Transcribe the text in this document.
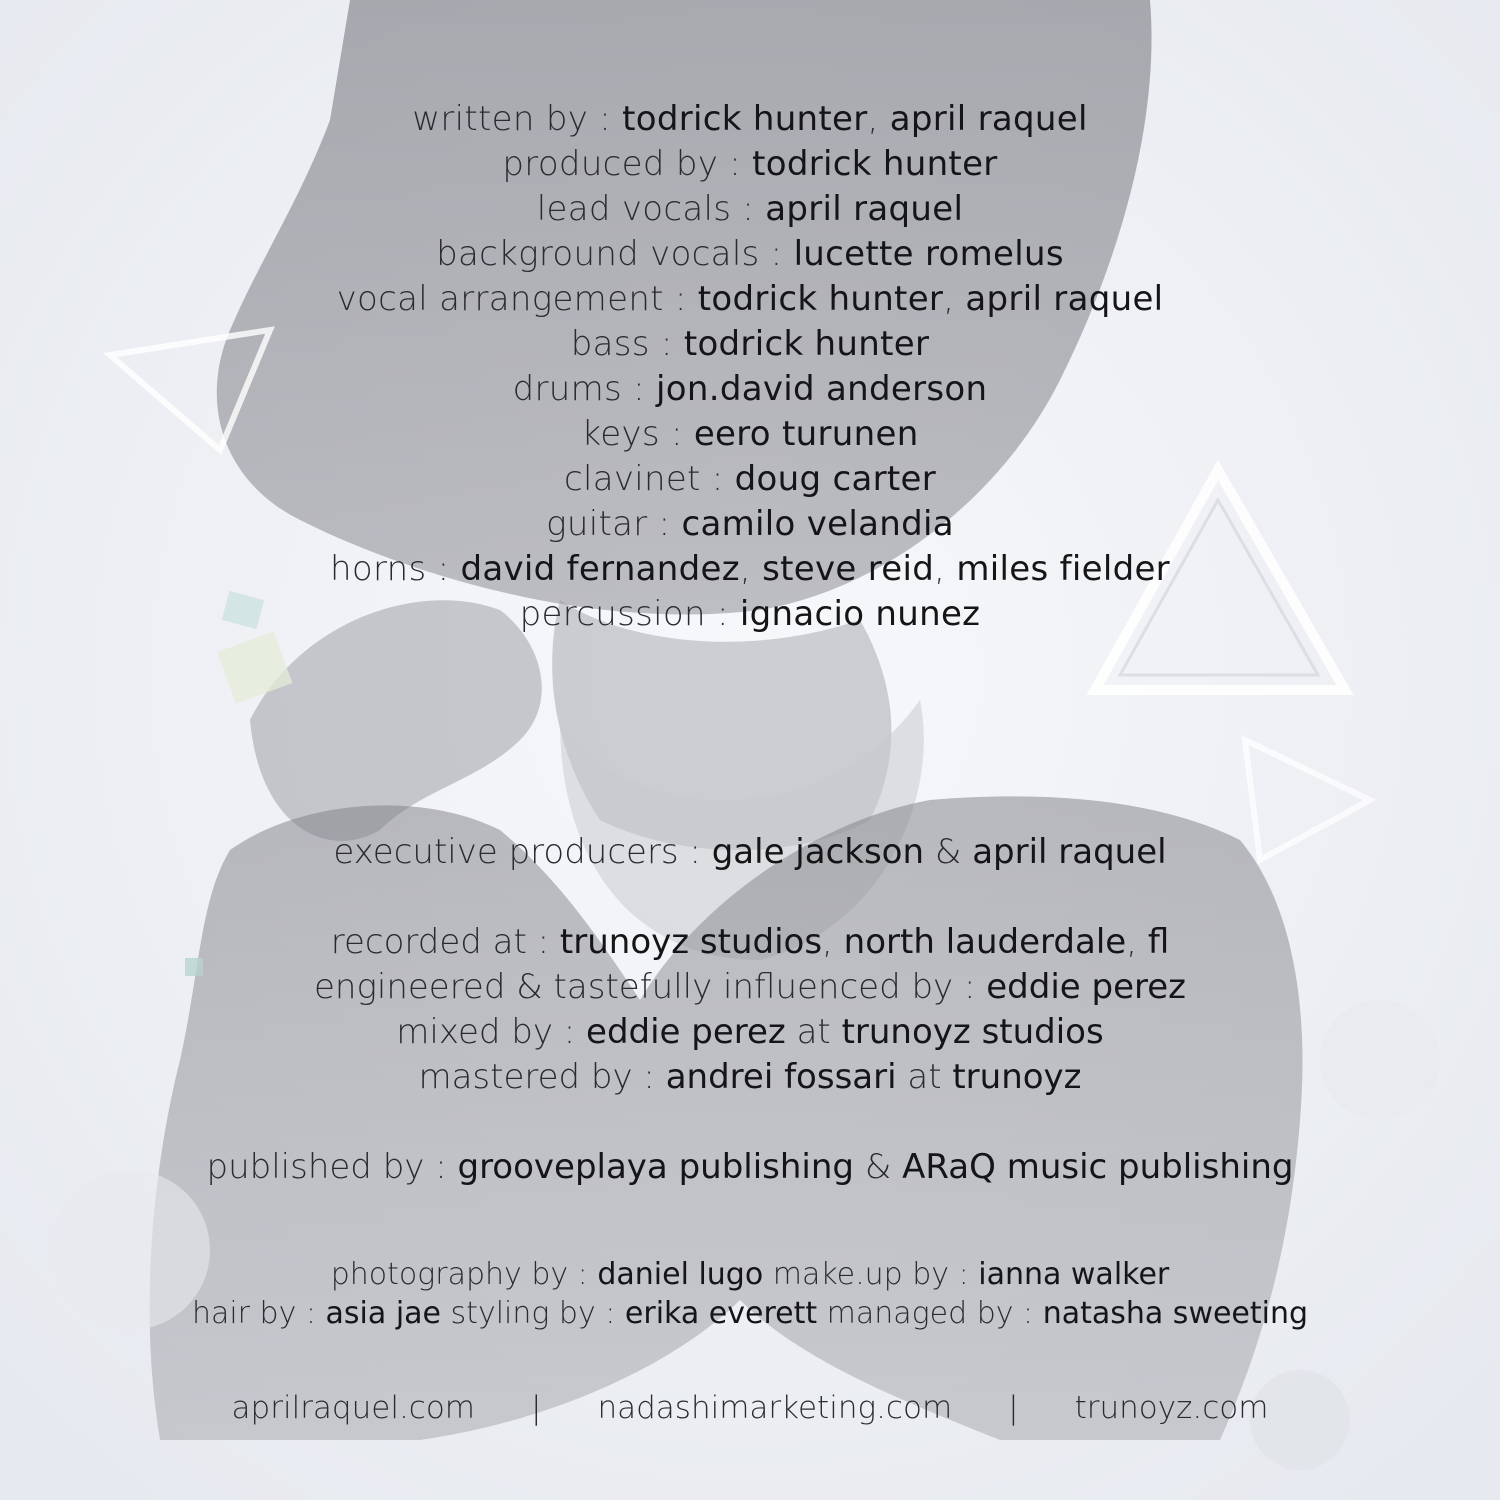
written by : todrick hunter, april raquel
produced by : todrick hunter
lead vocals : april raquel
background vocals : lucette romelus
vocal arrangement : todrick hunter, april raquel
bass : todrick hunter
drums : jon.david anderson
keys : eero turunen
clavinet : doug carter
guitar : camilo velandia
horns : david fernandez, steve reid, miles fielder
percussion : ignacio nunez
executive producers : gale jackson & april raquel
recorded at : trunoyz studios, north lauderdale, fl
engineered & tastefully influenced by : eddie perez
mixed by : eddie perez at trunoyz studios
mastered by : andrei fossari at trunoyz
published by : grooveplaya publishing & ARaQ music publishing
photography by : daniel lugo make.up by : ianna walker
hair by : asia jae styling by : erika everett managed by : natasha sweeting
aprilraquel.com | nadashimarketing.com | trunoyz.com
